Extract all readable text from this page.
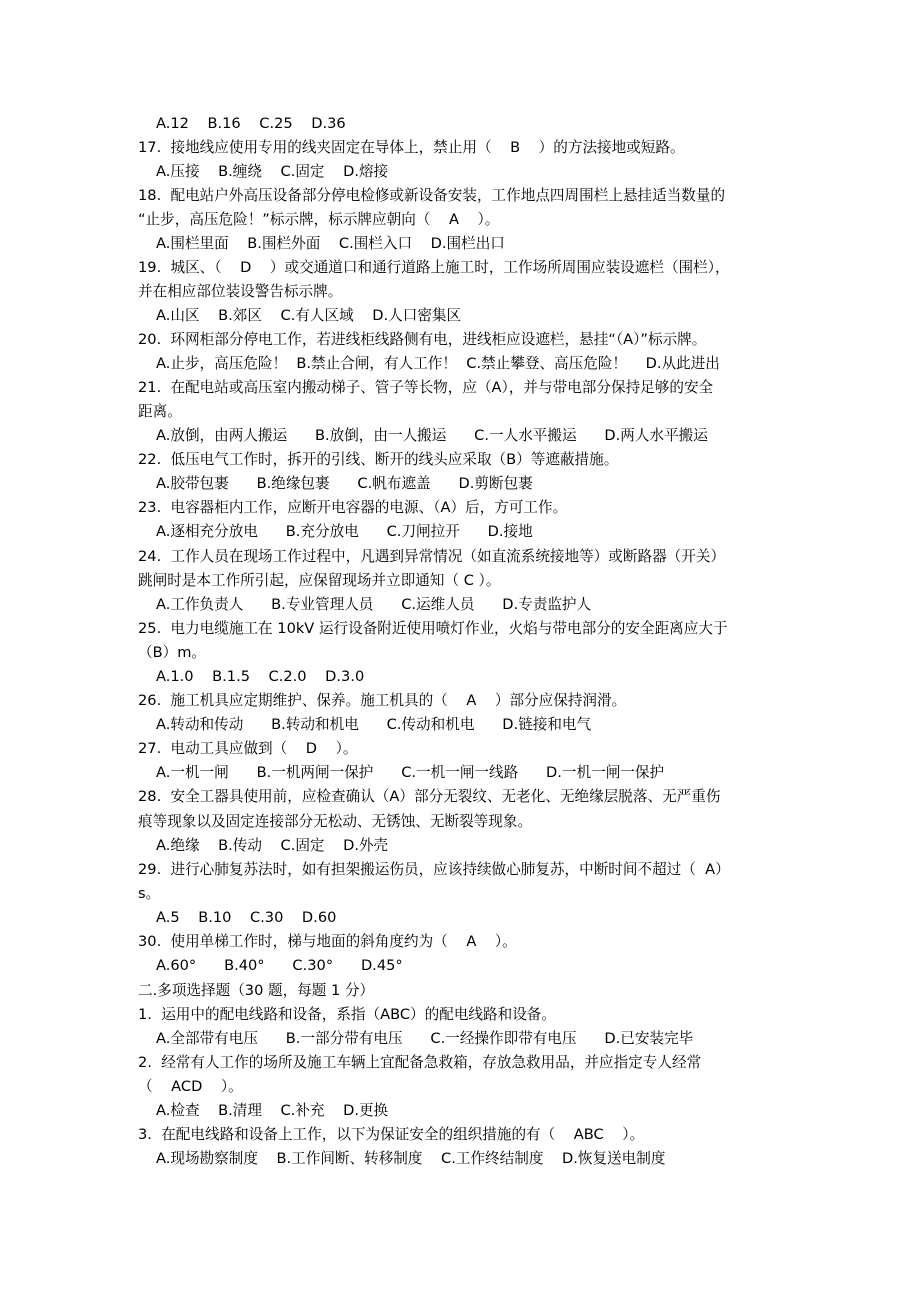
A.12    B.16    C.25    D.36
17.  接地线应使用专用的线夹固定在导体上，禁止用（    B    ）的方法接地或短路。
A.压接    B.缠绕    C.固定    D.熔接
18.  配电站户外高压设备部分停电检修或新设备安装，工作地点四周围栏上悬挂适当数量的
“止步，高压危险！”标示牌，标示牌应朝向（    A    ）。
A.围栏里面    B.围栏外面    C.围栏入口    D.围栏出口
19.  城区、（    D    ）或交通道口和通行道路上施工时，工作场所周围应装设遮栏（围栏），
并在相应部位装设警告标示牌。
A.山区    B.郊区    C.有人区域    D.人口密集区
20.  环网柜部分停电工作，若进线柜线路侧有电，进线柜应设遮栏，悬挂“（A）”标示牌。
A.止步，高压危险！  B.禁止合闸，有人工作！  C.禁止攀登、高压危险！    D.从此进出
21.  在配电站或高压室内搬动梯子、管子等长物，应（A），并与带电部分保持足够的安全
距离。
A.放倒，由两人搬运      B.放倒，由一人搬运      C.一人水平搬运      D.两人水平搬运
22.  低压电气工作时，拆开的引线、断开的线头应采取（B）等遮蔽措施。
A.胶带包裹      B.绝缘包裹      C.帆布遮盖      D.剪断包裹
23.  电容器柜内工作，应断开电容器的电源、（A）后，方可工作。
A.逐相充分放电      B.充分放电      C.刀闸拉开      D.接地
24.  工作人员在现场工作过程中，凡遇到异常情况（如直流系统接地等）或断路器（开关）
跳闸时是本工作所引起，应保留现场并立即通知（ C ）。
A.工作负责人      B.专业管理人员      C.运维人员      D.专责监护人
25.  电力电缆施工在 10kV 运行设备附近使用喷灯作业，火焰与带电部分的安全距离应大于
（B）m。
A.1.0    B.1.5    C.2.0    D.3.0
26.  施工机具应定期维护、保养。施工机具的（    A    ）部分应保持润滑。
A.转动和传动      B.转动和机电      C.传动和机电      D.链接和电气
27.  电动工具应做到（    D    ）。
A.一机一闸      B.一机两闸一保护      C.一机一闸一线路      D.一机一闸一保护
28.  安全工器具使用前，应检查确认（A）部分无裂纹、无老化、无绝缘层脱落、无严重伤
痕等现象以及固定连接部分无松动、无锈蚀、无断裂等现象。
A.绝缘    B.传动    C.固定    D.外壳
29.  进行心肺复苏法时，如有担架搬运伤员，应该持续做心肺复苏，中断时间不超过（  A）
s。
A.5    B.10    C.30    D.60
30.  使用单梯工作时，梯与地面的斜角度约为（    A    ）。
A.60°      B.40°      C.30°      D.45°
二.多项选择题（30 题，每题 1 分）
1.  运用中的配电线路和设备，系指（ABC）的配电线路和设备。
A.全部带有电压      B.一部分带有电压      C.一经操作即带有电压      D.已安装完毕
2.  经常有人工作的场所及施工车辆上宜配备急救箱，存放急救用品，并应指定专人经常
（    ACD    ）。
A.检查    B.清理    C.补充    D.更换
3.  在配电线路和设备上工作，以下为保证安全的组织措施的有（    ABC    ）。
A.现场勘察制度    B.工作间断、转移制度    C.工作终结制度    D.恢复送电制度
